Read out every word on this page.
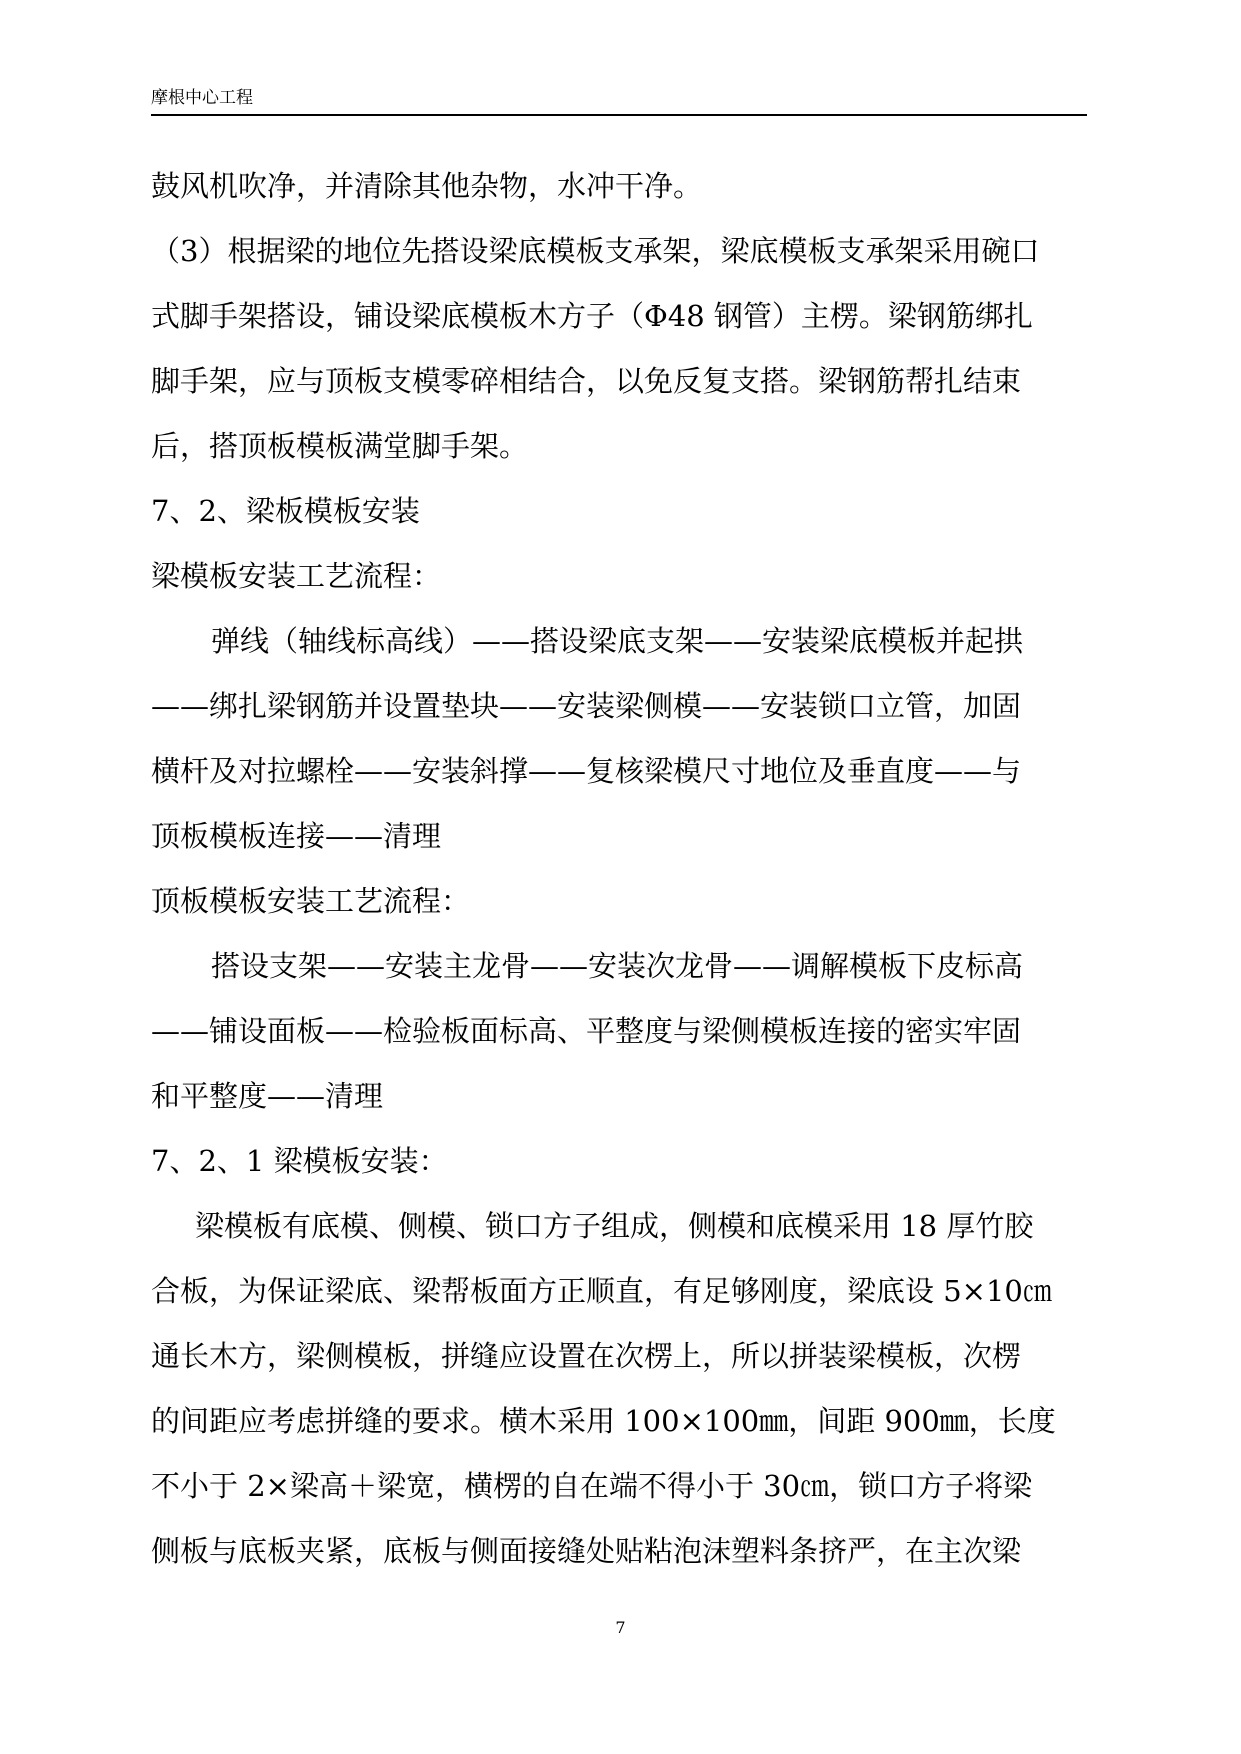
摩根中心工程
鼓风机吹净，并清除其他杂物，水冲干净。
（3）根据梁的地位先搭设梁底模板支承架，梁底模板支承架采用碗口
式脚手架搭设，铺设梁底模板木方子（Φ48 钢管）主楞。梁钢筋绑扎
脚手架，应与顶板支模零碎相结合，以免反复支搭。梁钢筋帮扎结束
后，搭顶板模板满堂脚手架。
7、2、梁板模板安装
梁模板安装工艺流程：
弹线（轴线标高线）——搭设梁底支架——安装梁底模板并起拱
——绑扎梁钢筋并设置垫块——安装梁侧模——安装锁口立管，加固
横杆及对拉螺栓——安装斜撑——复核梁模尺寸地位及垂直度——与
顶板模板连接——清理
顶板模板安装工艺流程：
搭设支架——安装主龙骨——安装次龙骨——调解模板下皮标高
——铺设面板——检验板面标高、平整度与梁侧模板连接的密实牢固
和平整度——清理
7、2、1 梁模板安装：
梁模板有底模、侧模、锁口方子组成，侧模和底模采用 18 厚竹胶
合板，为保证梁底、梁帮板面方正顺直，有足够刚度，梁底设 5×10㎝
通长木方，梁侧模板，拼缝应设置在次楞上，所以拼装梁模板，次楞
的间距应考虑拼缝的要求。横木采用 100×100㎜，间距 900㎜，长度
不小于 2×梁高＋梁宽，横楞的自在端不得小于 30㎝，锁口方子将梁
侧板与底板夹紧，底板与侧面接缝处贴粘泡沫塑料条挤严，在主次梁
7
